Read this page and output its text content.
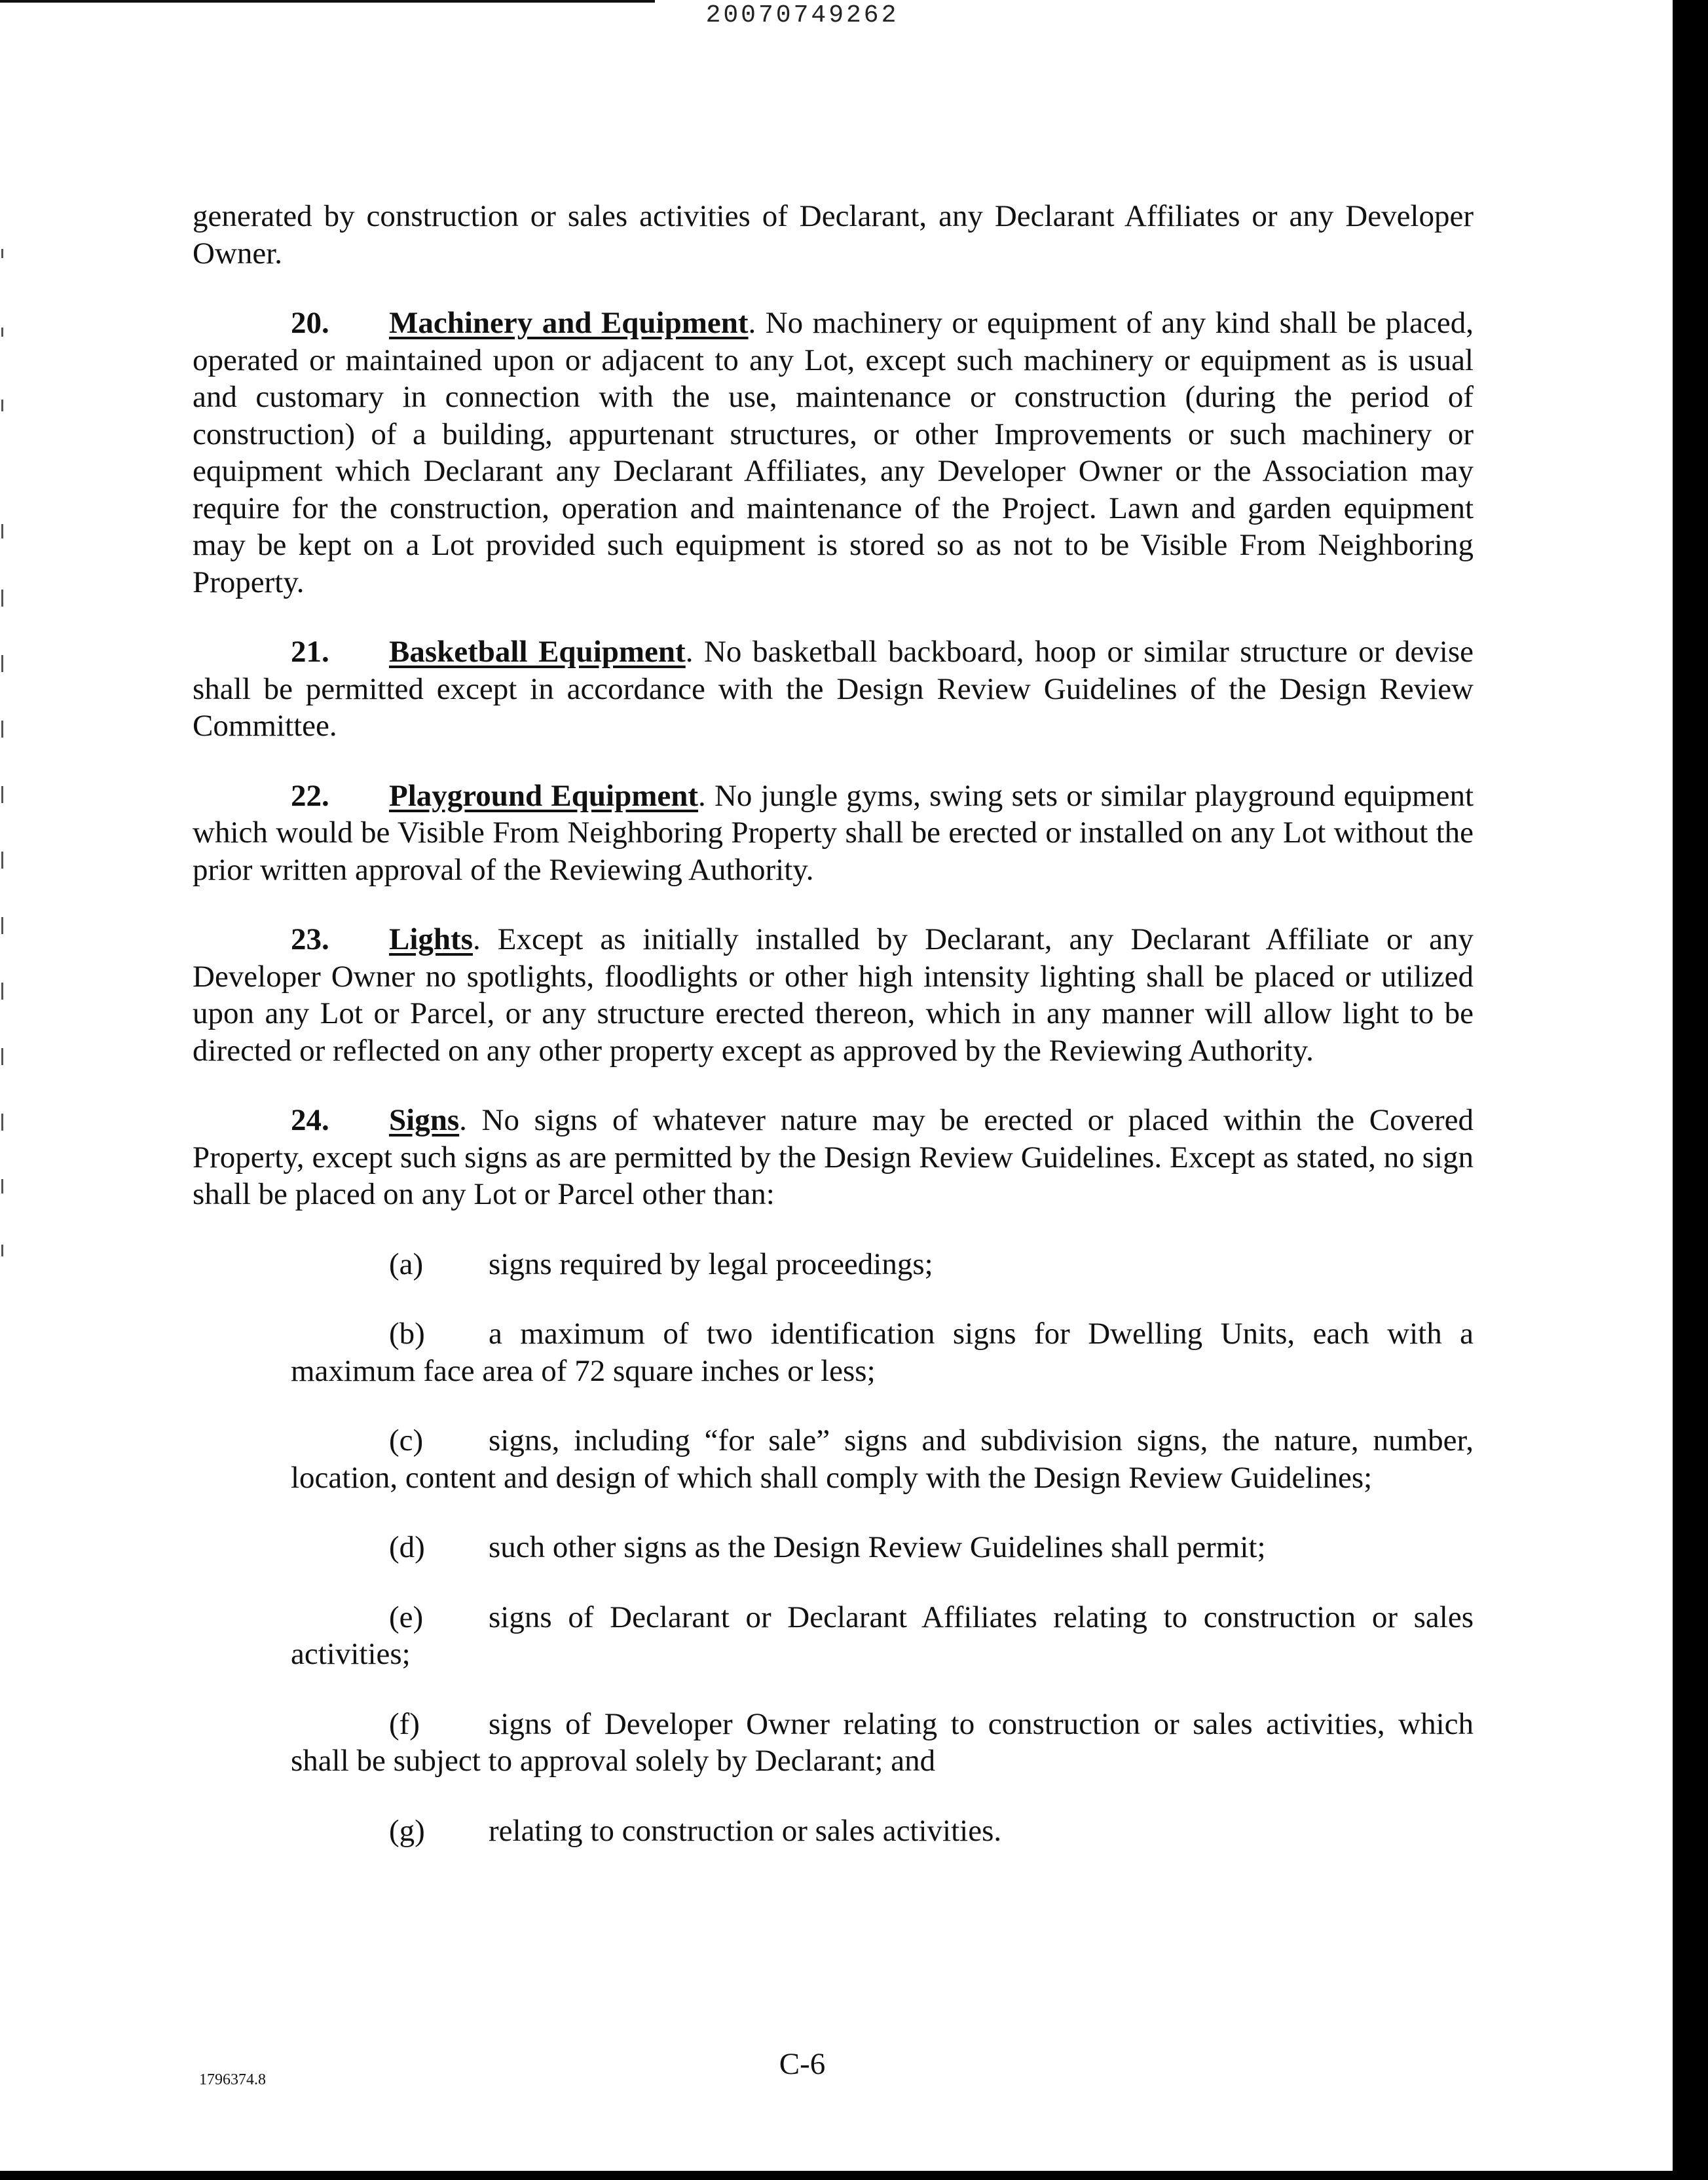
20070749262

generated by construction or sales activities of Declarant, any Declarant Affiliates or any Developer Owner.

20. Machinery and Equipment. No machinery or equipment of any kind shall be placed, operated or maintained upon or adjacent to any Lot, except such machinery or equipment as is usual and customary in connection with the use, maintenance or construction (during the period of construction) of a building, appurtenant structures, or other Improvements or such machinery or equipment which Declarant any Declarant Affiliates, any Developer Owner or the Association may require for the construction, operation and maintenance of the Project. Lawn and garden equipment may be kept on a Lot provided such equipment is stored so as not to be Visible From Neighboring Property.

21. Basketball Equipment. No basketball backboard, hoop or similar structure or devise shall be permitted except in accordance with the Design Review Guidelines of the Design Review Committee.

22. Playground Equipment. No jungle gyms, swing sets or similar playground equipment which would be Visible From Neighboring Property shall be erected or installed on any Lot without the prior written approval of the Reviewing Authority.

23. Lights. Except as initially installed by Declarant, any Declarant Affiliate or any Developer Owner no spotlights, floodlights or other high intensity lighting shall be placed or utilized upon any Lot or Parcel, or any structure erected thereon, which in any manner will allow light to be directed or reflected on any other property except as approved by the Reviewing Authority.

24. Signs. No signs of whatever nature may be erected or placed within the Covered Property, except such signs as are permitted by the Design Review Guidelines. Except as stated, no sign shall be placed on any Lot or Parcel other than:

(a) signs required by legal proceedings;

(b) a maximum of two identification signs for Dwelling Units, each with a maximum face area of 72 square inches or less;

(c) signs, including “for sale” signs and subdivision signs, the nature, number, location, content and design of which shall comply with the Design Review Guidelines;

(d) such other signs as the Design Review Guidelines shall permit;

(e) signs of Declarant or Declarant Affiliates relating to construction or sales activities;

(f) signs of Developer Owner relating to construction or sales activities, which shall be subject to approval solely by Declarant; and

(g) relating to construction or sales activities.

1796374.8	C-6
